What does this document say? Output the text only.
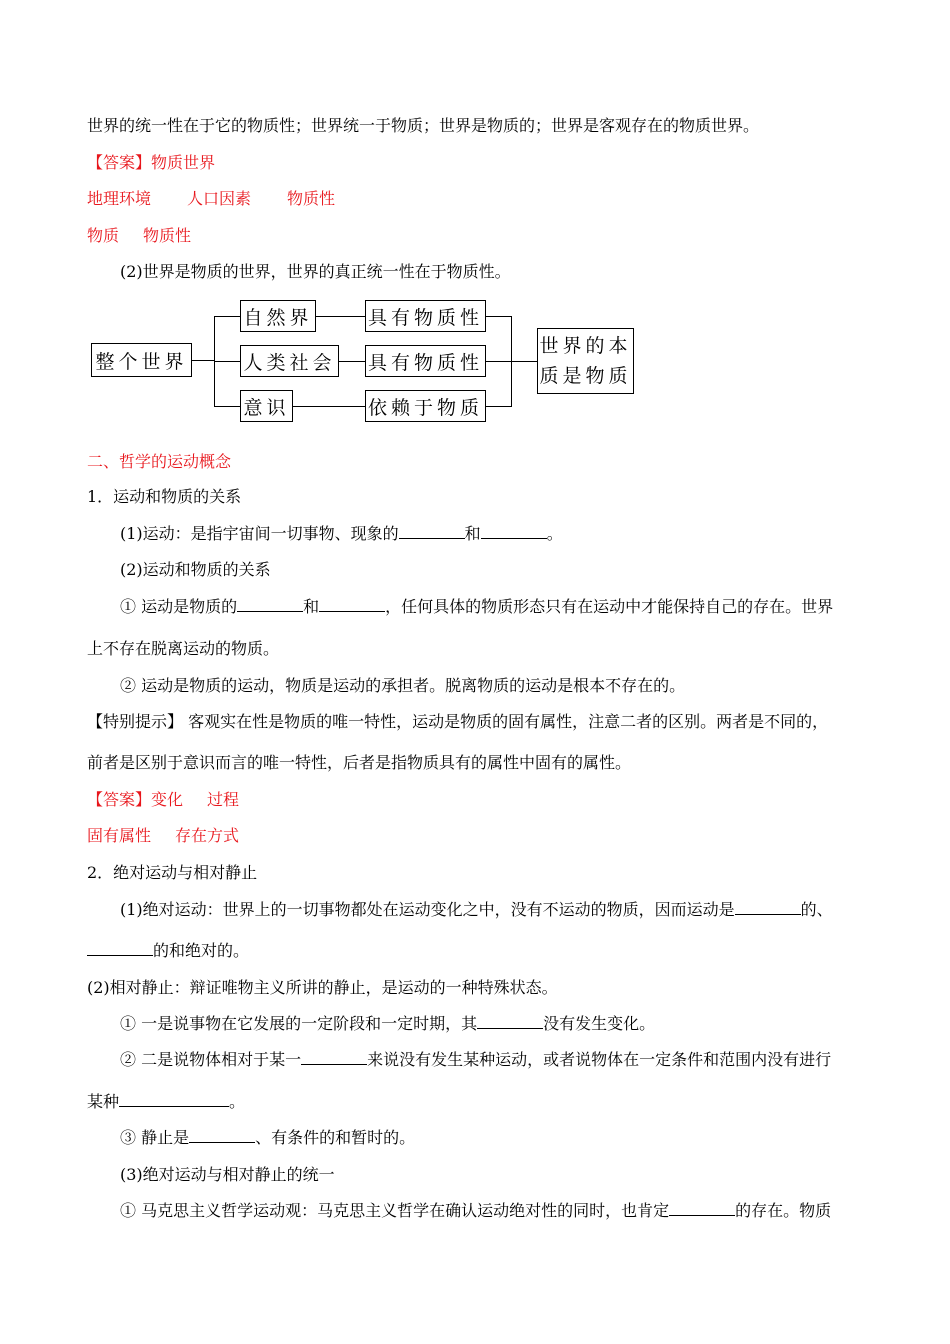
世界的统一性在于它的物质性；世界统一于物质；世界是物质的；世界是客观存在的物质世界。
【答案】物质世界
地理环境 人口因素 物质性
物质 物质性
(2)世界是物质的世界，世界的真正统一性在于物质性。
整个世界
自然界
人类社会
意识
具有物质性
具有物质性
依赖于物质
世界的本
质是物质
二、哲学的运动概念
1．运动和物质的关系
(1)运动：是指宇宙间一切事物、现象的	和	。
(2)运动和物质的关系
① 运动是物质的	和	，任何具体的物质形态只有在运动中才能保持自己的存在。世界
上不存在脱离运动的物质。
② 运动是物质的运动，物质是运动的承担者。脱离物质的运动是根本不存在的。
【特别提示】 客观实在性是物质的唯一特性，运动是物质的固有属性，注意二者的区别。两者是不同的，
前者是区别于意识而言的唯一特性，后者是指物质具有的属性中固有的属性。
【答案】变化 过程
固有属性 存在方式
2．绝对运动与相对静止
(1)绝对运动：世界上的一切事物都处在运动变化之中，没有不运动的物质，因而运动是	的、
的和绝对的。
(2)相对静止：辩证唯物主义所讲的静止，是运动的一种特殊状态。
① 一是说事物在它发展的一定阶段和一定时期，其	没有发生变化。
② 二是说物体相对于某一	来说没有发生某种运动，或者说物体在一定条件和范围内没有进行
某种	。
③ 静止是	、有条件的和暂时的。
(3)绝对运动与相对静止的统一
① 马克思主义哲学运动观：马克思主义哲学在确认运动绝对性的同时，也肯定	的存在。物质
